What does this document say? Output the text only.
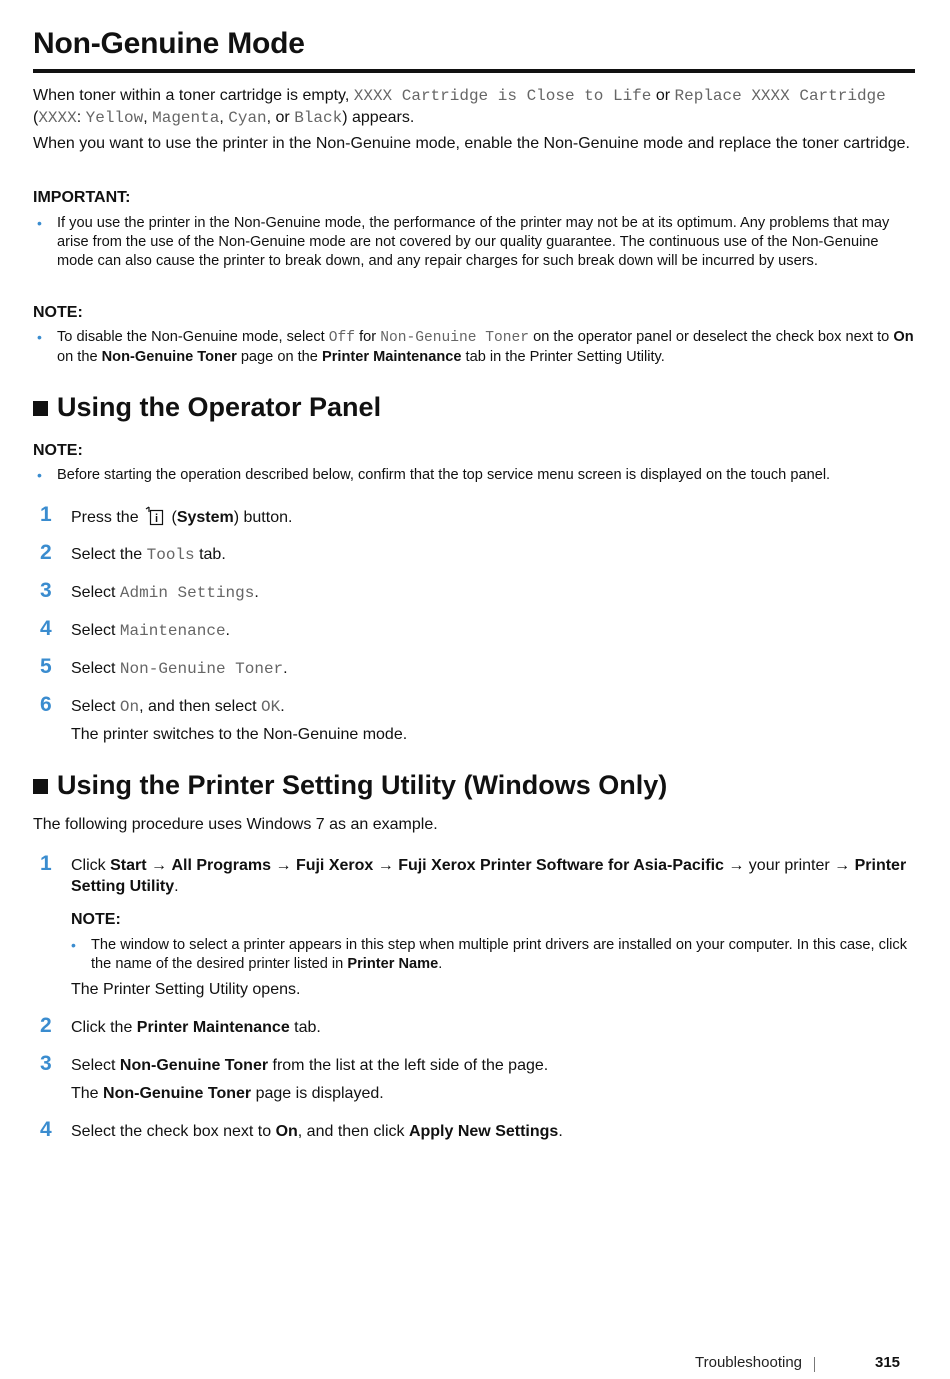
Non-Genuine Mode

When toner within a toner cartridge is empty, XXXX Cartridge is Close to Life or Replace XXXX Cartridge (XXXX: Yellow, Magenta, Cyan, or Black) appears.

When you want to use the printer in the Non-Genuine mode, enable the Non-Genuine mode and replace the toner cartridge.

IMPORTANT:

• If you use the printer in the Non-Genuine mode, the performance of the printer may not be at its optimum. Any problems that may arise from the use of the Non-Genuine mode are not covered by our quality guarantee. The continuous use of the Non-Genuine mode can also cause the printer to break down, and any repair charges for such break down will be incurred by users.

NOTE:

• To disable the Non-Genuine mode, select Off for Non-Genuine Toner on the operator panel or deselect the check box next to On on the Non-Genuine Toner page on the Printer Maintenance tab in the Printer Setting Utility.

Using the Operator Panel

NOTE:

• Before starting the operation described below, confirm that the top service menu screen is displayed on the touch panel.

1 Press the  (System) button.
2 Select the Tools tab.
3 Select Admin Settings.
4 Select Maintenance.
5 Select Non-Genuine Toner.
6 Select On, and then select OK.

The printer switches to the Non-Genuine mode.

Using the Printer Setting Utility (Windows Only)

The following procedure uses Windows 7 as an example.

1 Click Start → All Programs → Fuji Xerox → Fuji Xerox Printer Software for Asia-Pacific → your printer → Printer Setting Utility.

NOTE:

• The window to select a printer appears in this step when multiple print drivers are installed on your computer. In this case, click the name of the desired printer listed in Printer Name.

The Printer Setting Utility opens.

2 Click the Printer Maintenance tab.
3 Select Non-Genuine Toner from the list at the left side of the page.

The Non-Genuine Toner page is displayed.

4 Select the check box next to On, and then click Apply New Settings.
Troubleshooting	315
